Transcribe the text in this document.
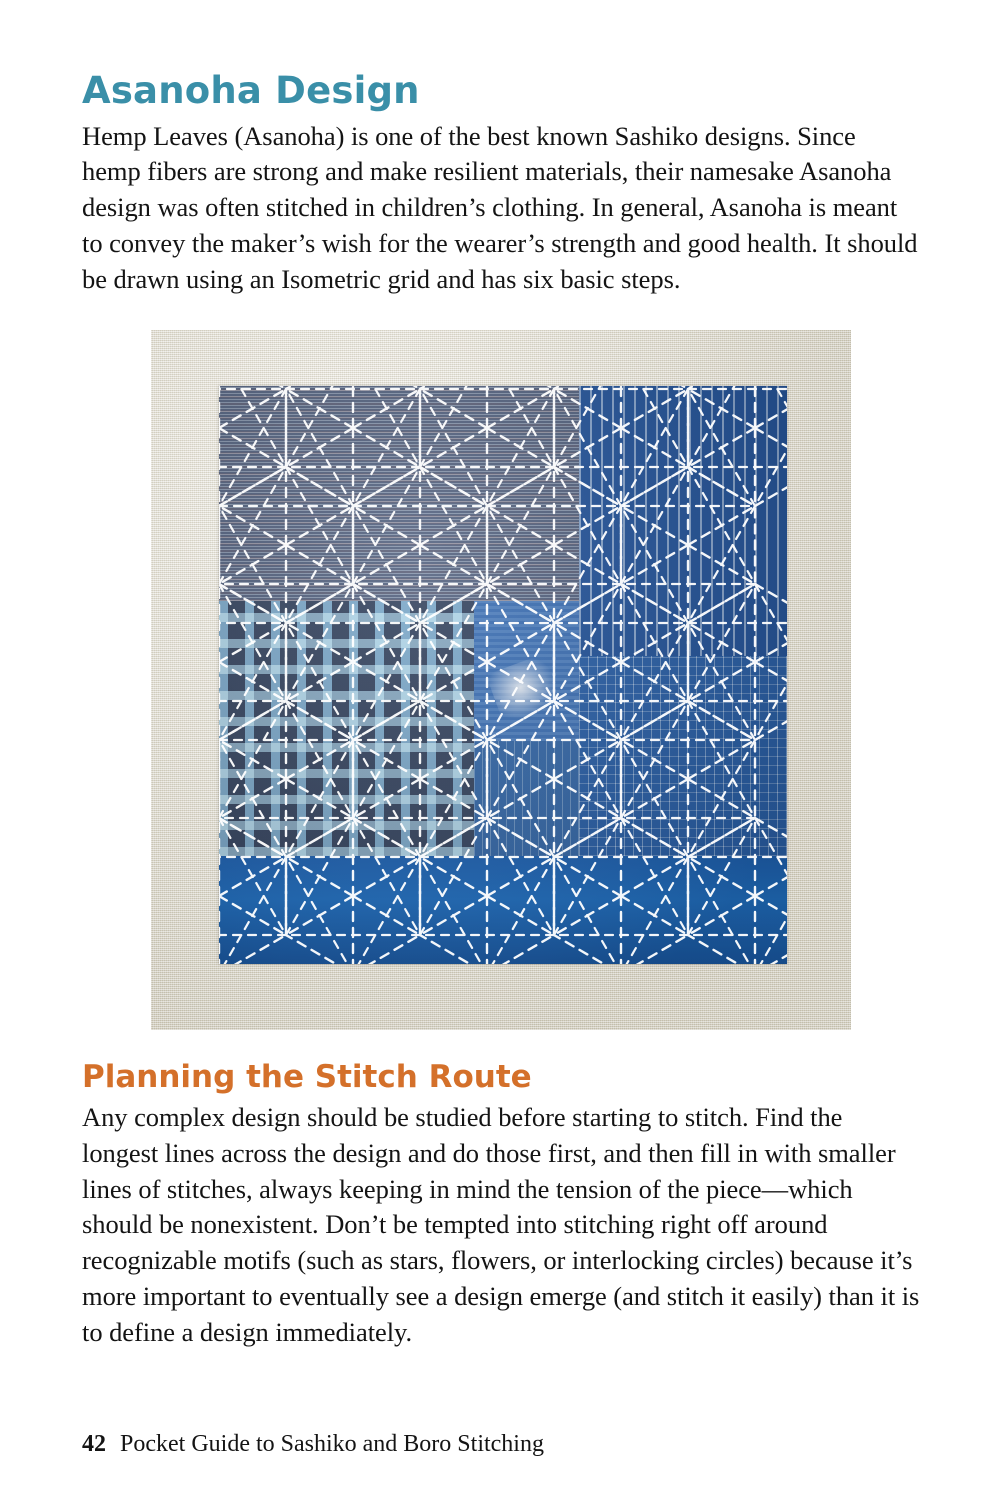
Asanoha Design

Hemp Leaves (Asanoha) is one of the best known Sashiko designs. Since hemp fibers are strong and make resilient materials, their namesake Asanoha design was often stitched in children’s clothing. In general, Asanoha is meant to convey the maker’s wish for the wearer’s strength and good health. It should be drawn using an Isometric grid and has six basic steps.

Planning the Stitch Route

Any complex design should be studied before starting to stitch. Find the longest lines across the design and do those first, and then fill in with smaller lines of stitches, always keeping in mind the tension of the piece—which should be nonexistent. Don’t be tempted into stitching right off around recognizable motifs (such as stars, flowers, or interlocking circles) because it’s more important to eventually see a design emerge (and stitch it easily) than it is to define a design immediately.

42 Pocket Guide to Sashiko and Boro Stitching
